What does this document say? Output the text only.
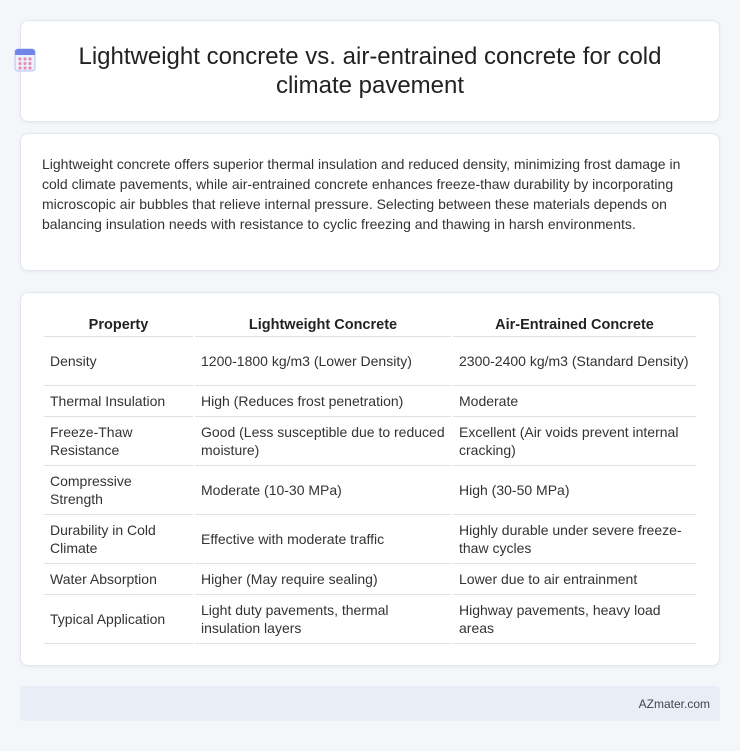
Lightweight concrete vs. air-entrained concrete for cold climate pavement

Lightweight concrete offers superior thermal insulation and reduced density, minimizing frost damage in cold climate pavements, while air-entrained concrete enhances freeze-thaw durability by incorporating microscopic air bubbles that relieve internal pressure. Selecting between these materials depends on balancing insulation needs with resistance to cyclic freezing and thawing in harsh environments.

Property	Lightweight Concrete	Air-Entrained Concrete
Density	1200-1800 kg/m3 (Lower Density)	2300-2400 kg/m3 (Standard Density)
Thermal Insulation	High (Reduces frost penetration)	Moderate
Freeze-Thaw Resistance	Good (Less susceptible due to reduced moisture)	Excellent (Air voids prevent internal cracking)
Compressive Strength	Moderate (10-30 MPa)	High (30-50 MPa)
Durability in Cold Climate	Effective with moderate traffic	Highly durable under severe freeze-thaw cycles
Water Absorption	Higher (May require sealing)	Lower due to air entrainment
Typical Application	Light duty pavements, thermal insulation layers	Highway pavements, heavy load areas
AZmater.com
